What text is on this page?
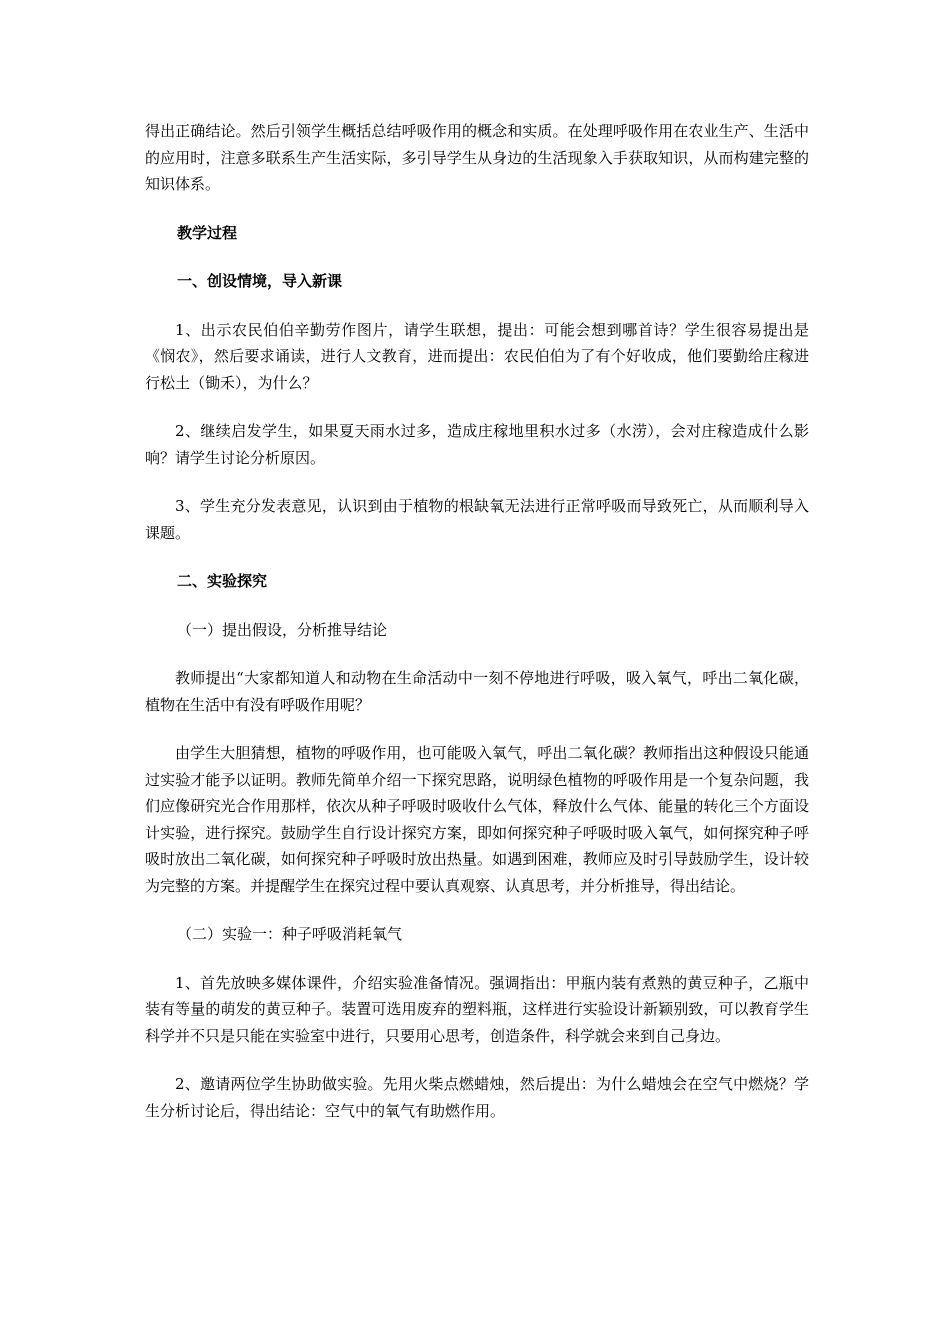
得出正确结论。然后引领学生概括总结呼吸作用的概念和实质。在处理呼吸作用在农业生产、生活中的应用时，注意多联系生产生活实际，多引导学生从身边的生活现象入手获取知识，从而构建完整的知识体系。

教学过程

一、创设情境，导入新课

1、出示农民伯伯辛勤劳作图片，请学生联想，提出：可能会想到哪首诗？学生很容易提出是《悯农》，然后要求诵读，进行人文教育，进而提出：农民伯伯为了有个好收成，他们要勤给庄稼进行松土（锄禾），为什么？

2、继续启发学生，如果夏天雨水过多，造成庄稼地里积水过多（水涝），会对庄稼造成什么影响？请学生讨论分析原因。

3、学生充分发表意见，认识到由于植物的根缺氧无法进行正常呼吸而导致死亡，从而顺利导入课题。

二、实验探究

（一）提出假设，分析推导结论

教师提出“大家都知道人和动物在生命活动中一刻不停地进行呼吸，吸入氧气，呼出二氧化碳，植物在生活中有没有呼吸作用呢？

由学生大胆猜想，植物的呼吸作用，也可能吸入氧气，呼出二氧化碳？教师指出这种假设只能通过实验才能予以证明。教师先简单介绍一下探究思路，说明绿色植物的呼吸作用是一个复杂问题，我们应像研究光合作用那样，依次从种子呼吸时吸收什么气体，释放什么气体、能量的转化三个方面设计实验，进行探究。鼓励学生自行设计探究方案，即如何探究种子呼吸时吸入氧气，如何探究种子呼吸时放出二氧化碳，如何探究种子呼吸时放出热量。如遇到困难，教师应及时引导鼓励学生，设计较为完整的方案。并提醒学生在探究过程中要认真观察、认真思考，并分析推导，得出结论。

（二）实验一：种子呼吸消耗氧气

1、首先放映多媒体课件，介绍实验准备情况。强调指出：甲瓶内装有煮熟的黄豆种子，乙瓶中装有等量的萌发的黄豆种子。装置可选用废弃的塑料瓶，这样进行实验设计新颖别致，可以教育学生科学并不只是只能在实验室中进行，只要用心思考，创造条件，科学就会来到自己身边。

2、邀请两位学生协助做实验。先用火柴点燃蜡烛，然后提出：为什么蜡烛会在空气中燃烧？学生分析讨论后，得出结论：空气中的氧气有助燃作用。
